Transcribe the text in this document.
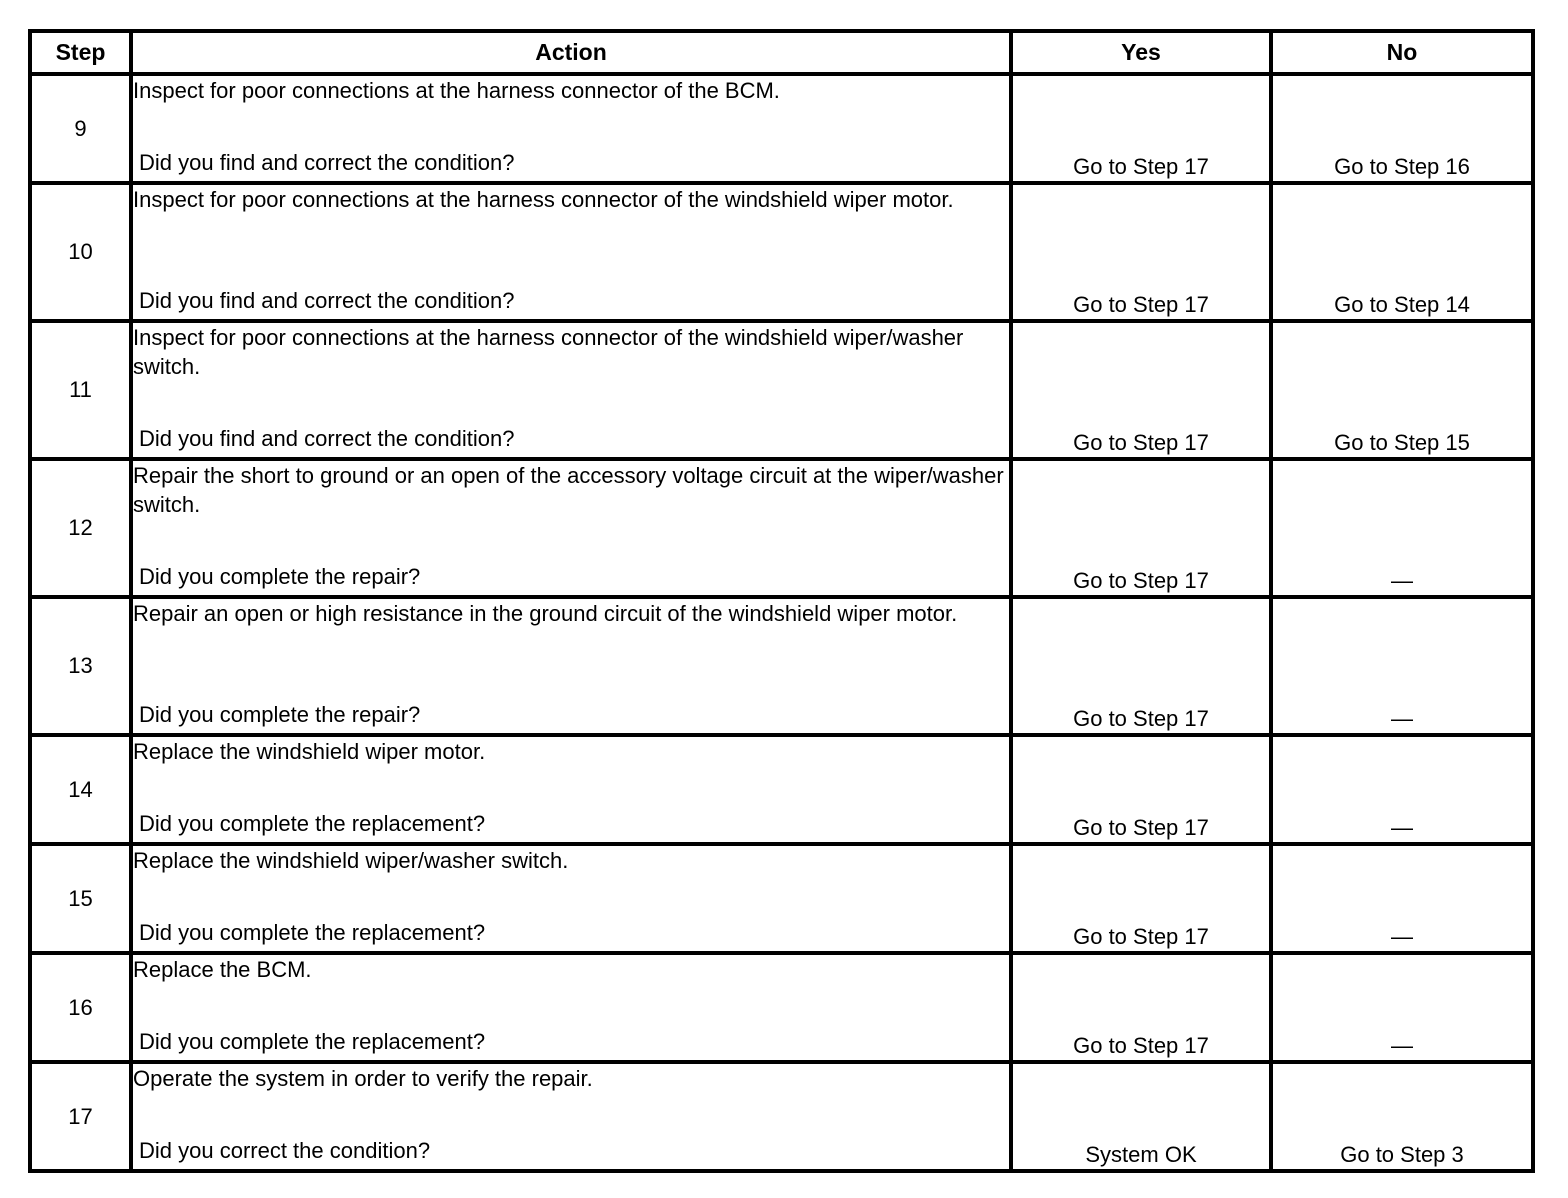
Step	Action	Yes	No
9	Inspect for poor connections at the harness connector of the BCM.
Did you find and correct the condition?	Go to Step 17	Go to Step 16
10	Inspect for poor connections at the harness connector of the windshield wiper motor.
Did you find and correct the condition?	Go to Step 17	Go to Step 14
11	Inspect for poor connections at the harness connector of the windshield wiper/washer switch.
Did you find and correct the condition?	Go to Step 17	Go to Step 15
12	Repair the short to ground or an open of the accessory voltage circuit at the wiper/washer switch.
Did you complete the repair?	Go to Step 17	—
13	Repair an open or high resistance in the ground circuit of the windshield wiper motor.
Did you complete the repair?	Go to Step 17	—
14	Replace the windshield wiper motor.
Did you complete the replacement?	Go to Step 17	—
15	Replace the windshield wiper/washer switch.
Did you complete the replacement?	Go to Step 17	—
16	Replace the BCM.
Did you complete the replacement?	Go to Step 17	—
17	Operate the system in order to verify the repair.
Did you correct the condition?	System OK	Go to Step 3
